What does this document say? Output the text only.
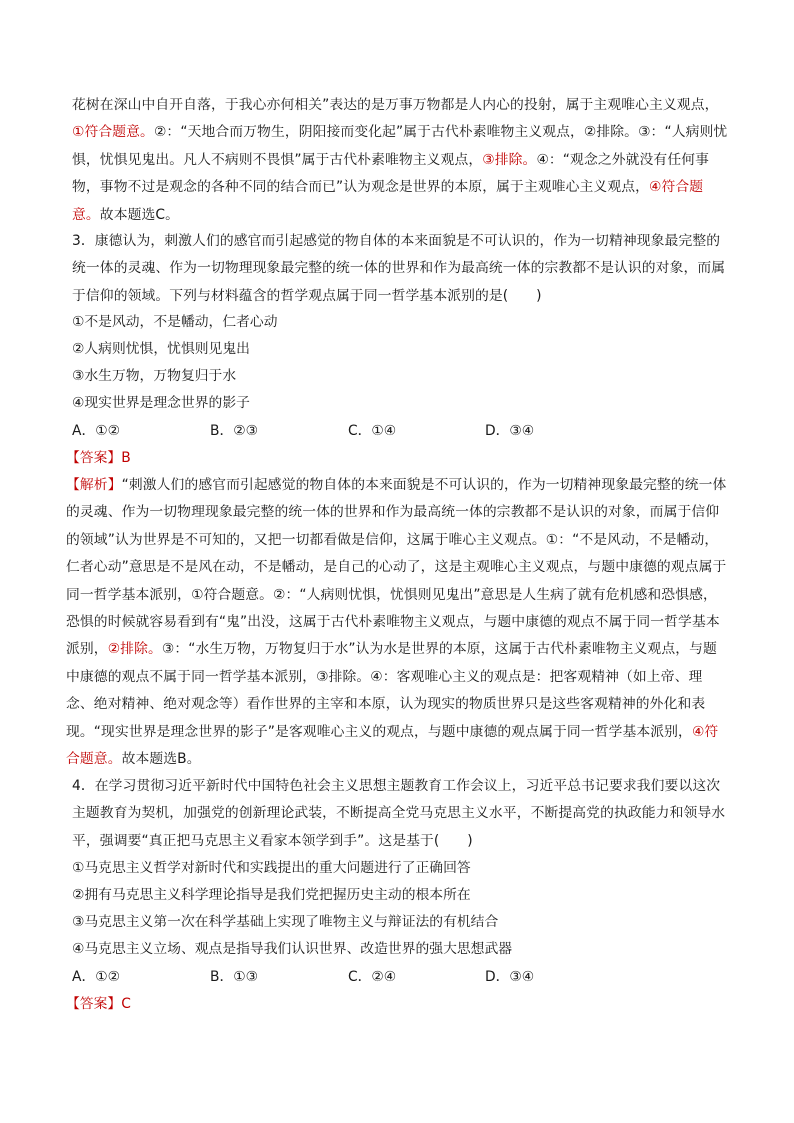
花树在深山中自开自落，于我心亦何相关”表达的是万事万物都是人内心的投射，属于主观唯心主义观点，①符合题意。②：“天地合而万物生，阴阳接而变化起”属于古代朴素唯物主义观点，②排除。③：“人病则忧惧，忧惧见鬼出。凡人不病则不畏惧”属于古代朴素唯物主义观点，③排除。④：“观念之外就没有任何事物，事物不过是观念的各种不同的结合而已”认为观念是世界的本原，属于主观唯心主义观点，④符合题意。故本题选C。

3．康德认为，刺激人们的感官而引起感觉的物自体的本来面貌是不可认识的，作为一切精神现象最完整的统一体的灵魂、作为一切物理现象最完整的统一体的世界和作为最高统一体的宗教都不是认识的对象，而属于信仰的领域。下列与材料蕴含的哲学观点属于同一哲学基本派别的是(　　)

①不是风动，不是幡动，仁者心动
②人病则忧惧，忧惧则见鬼出
③水生万物，万物复归于水
④现实世界是理念世界的影子
A．①②	B．②③	C．①④	D．③④
【答案】B

【解析】“刺激人们的感官而引起感觉的物自体的本来面貌是不可认识的，作为一切精神现象最完整的统一体的灵魂、作为一切物理现象最完整的统一体的世界和作为最高统一体的宗教都不是认识的对象，而属于信仰的领域”认为世界是不可知的，又把一切都看做是信仰，这属于唯心主义观点。①：“不是风动，不是幡动，仁者心动”意思是不是风在动，不是幡动，是自己的心动了，这是主观唯心主义观点，与题中康德的观点属于同一哲学基本派别，①符合题意。②：“人病则忧惧，忧惧则见鬼出”意思是人生病了就有危机感和恐惧感，恐惧的时候就容易看到有“鬼”出没，这属于古代朴素唯物主义观点，与题中康德的观点不属于同一哲学基本派别，②排除。③：“水生万物，万物复归于水”认为水是世界的本原，这属于古代朴素唯物主义观点，与题中康德的观点不属于同一哲学基本派别，③排除。④：客观唯心主义的观点是：把客观精神（如上帝、理念、绝对精神、绝对观念等）看作世界的主宰和本原，认为现实的物质世界只是这些客观精神的外化和表现。“现实世界是理念世界的影子”是客观唯心主义的观点，与题中康德的观点属于同一哲学基本派别，④符合题意。故本题选B。

4．在学习贯彻习近平新时代中国特色社会主义思想主题教育工作会议上，习近平总书记要求我们要以这次主题教育为契机，加强党的创新理论武装，不断提高全党马克思主义水平，不断提高党的执政能力和领导水平，强调要“真正把马克思主义看家本领学到手”。这是基于(　　)

①马克思主义哲学对新时代和实践提出的重大问题进行了正确回答
②拥有马克思主义科学理论指导是我们党把握历史主动的根本所在
③马克思主义第一次在科学基础上实现了唯物主义与辩证法的有机结合
④马克思主义立场、观点是指导我们认识世界、改造世界的强大思想武器
A．①②	B．①③	C．②④	D．③④
【答案】C
